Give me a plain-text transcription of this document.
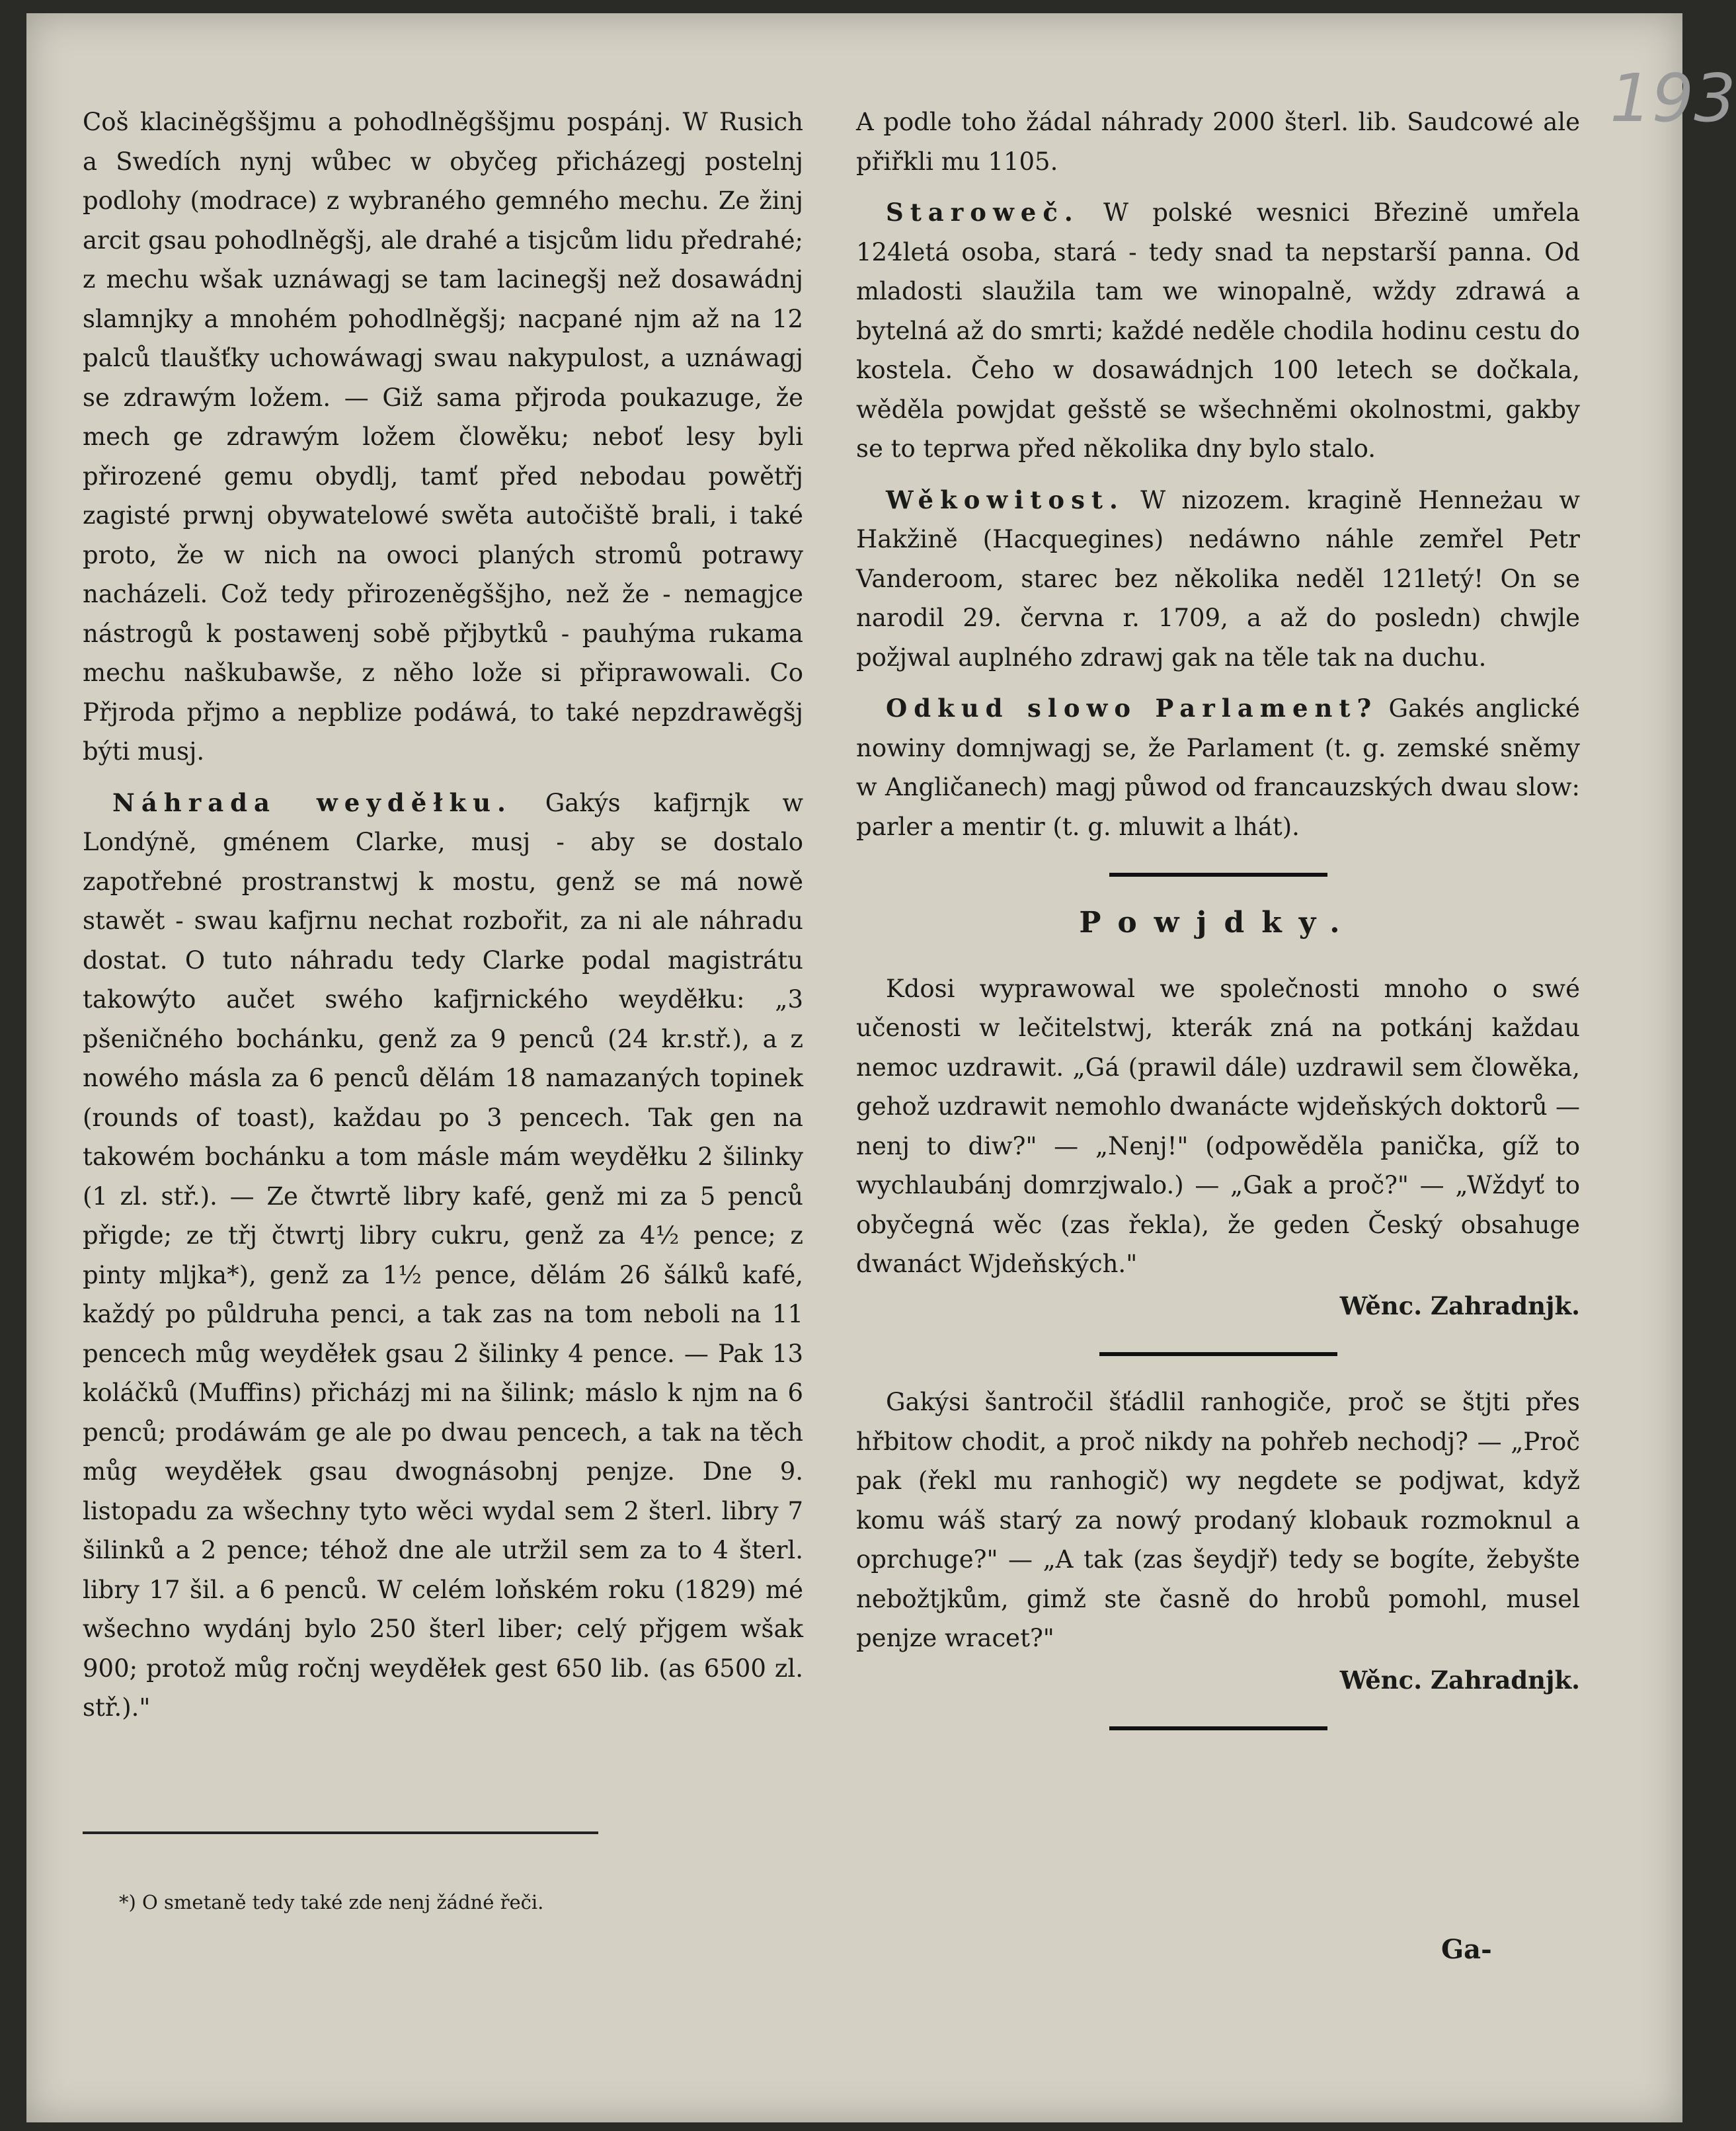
193

Coš klaciněgššjmu a pohodlněgššjmu pospánj. W Rusich a Swedích nynj wůbec w obyčeg přicházegj postelnj podlohy (modrace) z wybraného gemného mechu. Ze žinj arcit gsau pohodlněgšj, ale drahé a tisjcům lidu předrahé; z mechu wšak uznáwagj se tam lacinegšj než dosawádnj slamnjky a mnohém pohodlněgšj; nacpané njm až na 12 palců tlaušťky uchowáwagj swau nakypulost, a uznáwagj se zdrawým ložem. — Giž sama přjroda poukazuge, že mech ge zdrawým ložem člowěku; neboť lesy byli přirozené gemu obydlj, tamť před nebodau powětřj zagisté prwnj obywatelowé swěta autočiště brali, i také proto, že w nich na owoci planých stromů potrawy nacházeli. Což tedy přirozeněgššjho, než že - nemagjce nástrogů k postawenj sobě přjbytků - pauhýma rukama mechu naškubawše, z něho lože si připrawowali. Co Přjroda přjmo a nepblize podáwá, to také nepzdrawěgšj býti musj.

Náhrada weyděłku. Gakýs kafjrnjk w Londýně, gménem Clarke, musj - aby se dostalo zapotřebné prostranstwj k mostu, genž se má nowě stawět - swau kafjrnu nechat rozbořit, za ni ale náhradu dostat. O tuto náhradu tedy Clarke podal magistrátu takowýto aučet swého kafjrnického weyděłku: „3 pšeničného bochánku, genž za 9 penců (24 kr.stř.), a z nowého másla za 6 penců dělám 18 namazaných topinek (rounds of toast), každau po 3 pencech. Tak gen na takowém bochánku a tom másle mám weyděłku 2 šilinky (1 zl. stř.). — Ze čtwrtě libry kafé, genž mi za 5 penců přigde; ze třj čtwrtj libry cukru, genž za 4½ pence; z pinty mljka*), genž za 1½ pence, dělám 26 šálků kafé, každý po půldruha penci, a tak zas na tom neboli na 11 pencech můg weyděłek gsau 2 šilinky 4 pence. — Pak 13 koláčků (Muffins) přicházj mi na šilink; máslo k njm na 6 penců; prodáwám ge ale po dwau pencech, a tak na těch můg weyděłek gsau dwognásobnj penjze. Dne 9. listopadu za wšechny tyto wěci wydal sem 2 šterl. libry 7 šilinků a 2 pence; téhož dne ale utržil sem za to 4 šterl. libry 17 šil. a 6 penců. W celém loňském roku (1829) mé wšechno wydánj bylo 250 šterl liber; celý přjgem wšak 900; protož můg ročnj weyděłek gest 650 lib. (as 6500 zl. stř.)."

*) O smetaně tedy také zde nenj žádné řeči.

A podle toho žádal náhrady 2000 šterl. lib. Saudcowé ale přiřkli mu 1105.

Staroweč. W polské wesnici Březině umřela 124letá osoba, stará - tedy snad ta nepstarší panna. Od mladosti slaužila tam we winopalně, wždy zdrawá a bytelná až do smrti; každé neděle chodila hodinu cestu do kostela. Čeho w dosawádnjch 100 letech se dočkala, wěděla powjdat gešstě se wšechněmi okolnostmi, gakby se to teprwa před několika dny bylo stalo.

Wěkowitost. W nizozem. kragině Henneżau w Hakžině (Hacquegines) nedáwno náhle zemřel Petr Vanderoom, starec bez několika neděl 121letý! On se narodil 29. června r. 1709, a až do posledn) chwjle požjwal auplného zdrawj gak na těle tak na duchu.

Odkud slowo Parlament? Gakés anglické nowiny domnjwagj se, že Parlament (t. g. zemské sněmy w Angličanech) magj půwod od francauzských dwau slow: parler a mentir (t. g. mluwit a lhát).

Powjdky.

Kdosi wyprawowal we společnosti mnoho o swé učenosti w lečitelstwj, kterák zná na potkánj každau nemoc uzdrawit. „Gá (prawil dále) uzdrawil sem člowěka, gehož uzdrawit nemohlo dwanácte wjdeňských doktorů — nenj to diw?" — „Nenj!" (odpowěděla panička, gíž to wychlaubánj domrzjwalo.) — „Gak a proč?" — „Wždyť to obyčegná wěc (zas řekla), že geden Český obsahuge dwanáct Wjdeňských."

Wěnc. Zahradnjk.

Gakýsi šantročil šťádlil ranhogiče, proč se štjti přes hřbitow chodit, a proč nikdy na pohřeb nechodj? — „Proč pak (řekl mu ranhogič) wy negdete se podjwat, když komu wáš starý za nowý prodaný klobauk rozmoknul a oprchuge?" — „A tak (zas šeydjř) tedy se bogíte, žebyšte nebožtjkům, gimž ste časně do hrobů pomohl, musel penjze wracet?"

Wěnc. Zahradnjk.
Ga-
